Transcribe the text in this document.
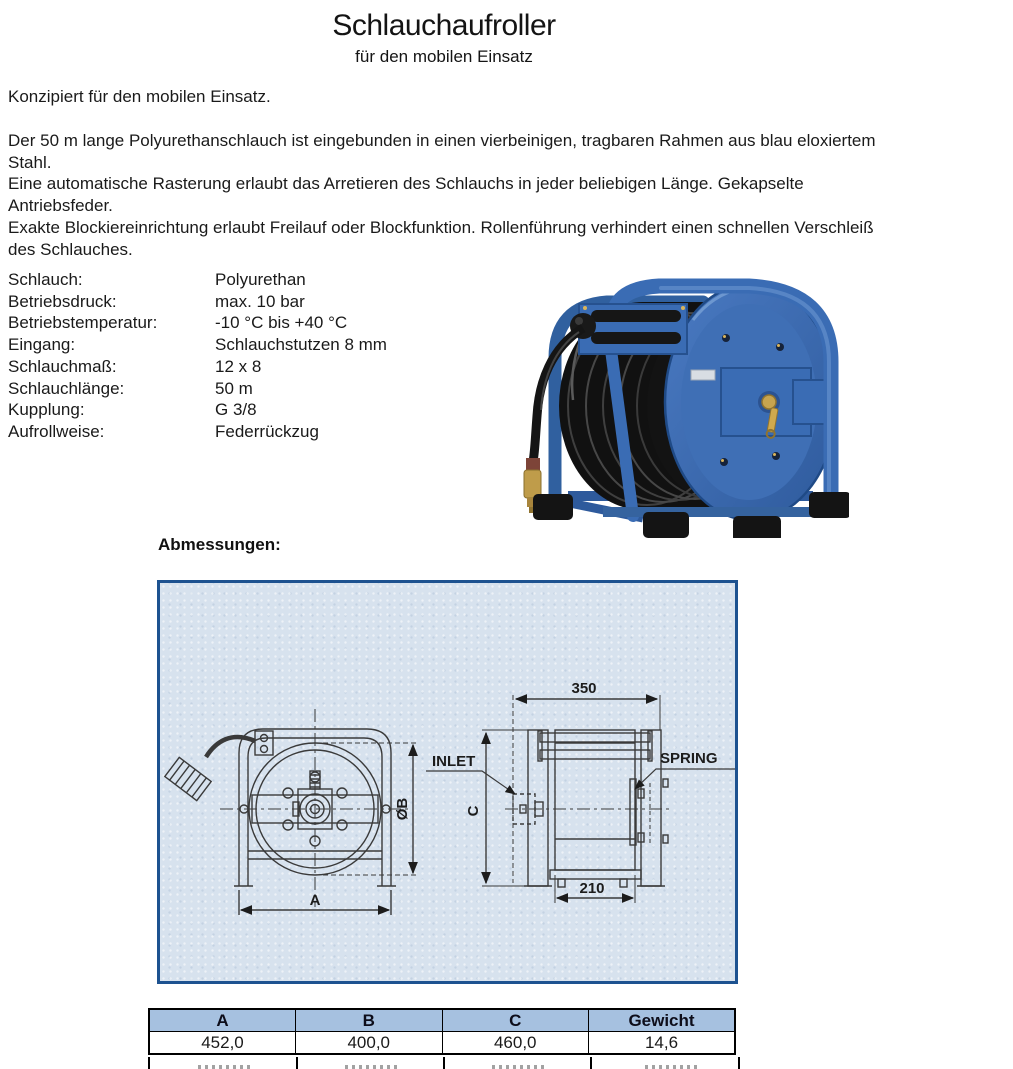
Schlauchaufroller
für den mobilen Einsatz
Konzipiert für den mobilen Einsatz.
Der 50 m lange Polyurethanschlauch ist eingebunden in einen vierbeinigen, tragbaren Rahmen aus blau eloxiertem
Stahl.
Eine automatische Rasterung erlaubt das Arretieren des Schlauchs in jeder beliebigen Länge. Gekapselte
Antriebsfeder.
Exakte Blockiereinrichtung erlaubt Freilauf oder Blockfunktion. Rollenführung verhindert einen schnellen Verschleiß
des Schlauches.
Schlauch:	Polyurethan
Betriebsdruck:	max. 10 bar
Betriebstemperatur:	-10 °C bis +40 °C
Eingang:	Schlauchstutzen 8 mm
Schlauchmaß:	12 x 8
Schlauchlänge:	50 m
Kupplung:	G 3/8
Aufrollweise:	Federrückzug
Abmessungen:
A
ØB
350
C
210
INLET	SPRING
A	B	C	Gewicht
452,0	400,0	460,0	14,6
